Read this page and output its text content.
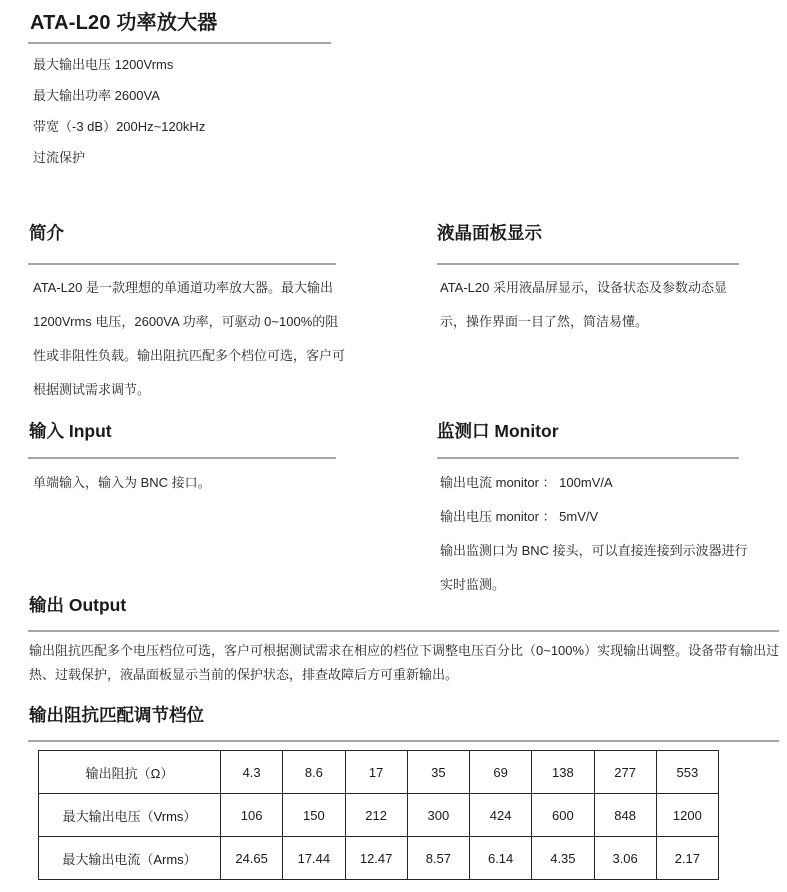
ATA-L20 功率放大器
最大输出电压 1200Vrms
最大输出功率 2600VA
带宽（-3 dB）200Hz~120kHz
过流保护
简介

ATA-L20 是一款理想的单通道功率放大器。最大输出 1200Vrms 电压，2600VA 功率，可驱动 0~100%的阻性或非阻性负载。输出阻抗匹配多个档位可选，客户可根据测试需求调节。

液晶面板显示

ATA-L20 采用液晶屏显示，设备状态及参数动态显示，操作界面一目了然，简洁易懂。

输入 Input

单端输入，输入为 BNC 接口。

监测口 Monitor
输出电流 monitor ： 100mV/A
输出电压 monitor ： 5mV/V
输出监测口为 BNC 接头，可以直接连接到示波器进行实时监测。
输出 Output

输出阻抗匹配多个电压档位可选，客户可根据测试需求在相应的档位下调整电压百分比（0~100%）实现输出调整。设备带有输出过热、过载保护，液晶面板显示当前的保护状态，排查故障后方可重新输出。

输出阻抗匹配调节档位
输出阻抗（Ω）	4.3	8.6	17	35	69	138	277	553
最大输出电压（Vrms）	106	150	212	300	424	600	848	1200
最大输出电流（Arms）	24.65	17.44	12.47	8.57	6.14	4.35	3.06	2.17
